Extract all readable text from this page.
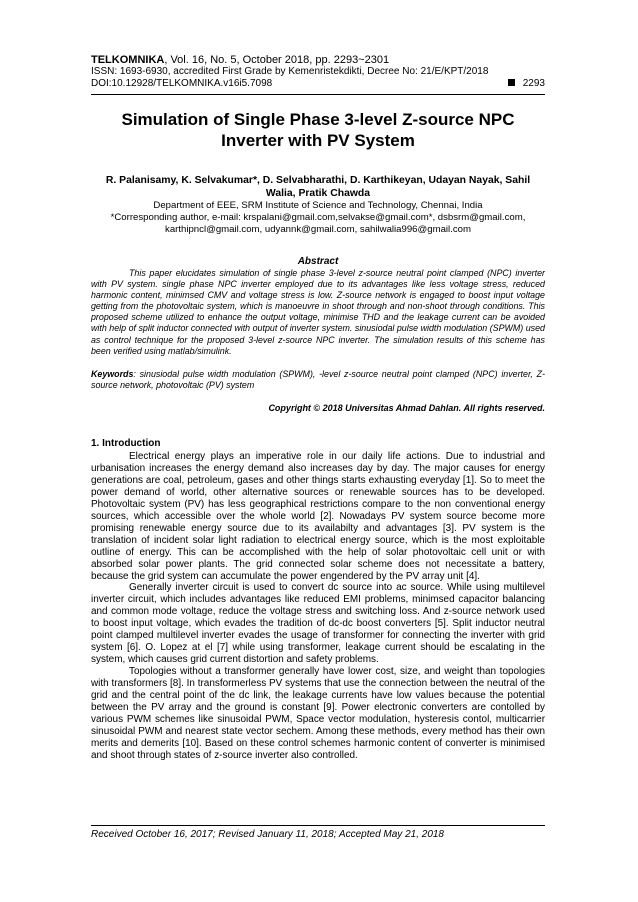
TELKOMNIKA, Vol. 16, No. 5, October 2018, pp. 2293~2301
ISSN: 1693-6930, accredited First Grade by Kemenristekdikti, Decree No: 21/E/KPT/2018
DOI:10.12928/TELKOMNIKA.v16i5.7098	2293
Simulation of Single Phase 3-level Z-source NPC Inverter with PV System
R. Palanisamy, K. Selvakumar*, D. Selvabharathi, D. Karthikeyan, Udayan Nayak, Sahil Walia, Pratik Chawda
Department of EEE, SRM Institute of Science and Technology, Chennai, India
*Corresponding author, e-mail: krspalani@gmail.com,selvakse@gmail.com*, dsbsrm@gmail.com,
karthipncl@gmail.com, udyannk@gmail.com, sahilwalia996@gmail.com
Abstract
This paper elucidates simulation of single phase 3-level z-source neutral point clamped (NPC) inverter with PV system. single phase NPC inverter employed due to its advantages like less voltage stress, reduced harmonic content, minimsed CMV and voltage stress is low. Z-source network is engaged to boost input voltage getting from the photovoltaic system, which is manoeuvre in shoot through and non-shoot through conditions. This proposed scheme utilized to enhance the output voltage, minimise THD and the leakage current can be avoided with help of split inductor connected with output of inverter system. sinusiodal pulse width modulation (SPWM) used as control technique for the proposed 3-level z-source NPC inverter. The simulation results of this scheme has been verified using matlab/simulink.
Keywords: sinusiodal pulse width modulation (SPWM), -level z-source neutral point clamped (NPC) inverter, Z-source network, photovoltaic (PV) system
Copyright © 2018 Universitas Ahmad Dahlan. All rights reserved.
1. Introduction

Electrical energy plays an imperative role in our daily life actions. Due to industrial and urbanisation increases the energy demand also increases day by day. The major causes for energy generations are coal, petroleum, gases and other things starts exhausting everyday [1]. So to meet the power demand of world, other alternative sources or renewable sources has to be developed. Photovoltaic system (PV) has less geographical restrictions compare to the non conventional energy sources, which accessible over the whole world [2]. Nowadays PV system source become more promising renewable energy source due to its availabilty and advantages [3]. PV system is the translation of incident solar light radiation to electrical energy source, which is the most exploitable outline of energy. This can be accomplished with the help of solar photovoltaic cell unit or with absorbed solar power plants. The grid connected solar scheme does not necessitate a battery, because the grid system can accumulate the power engendered by the PV array unit [4].

Generally inverter circuit is used to convert dc source into ac source. While using multilevel inverter circuit, which includes advantages like reduced EMI problems, minimsed capacitor balancing and common mode voltage, reduce the voltage stress and switching loss. And z-source network used to boost input voltage, which evades the tradition of dc-dc boost converters [5]. Split inductor neutral point clamped multilevel inverter evades the usage of transformer for connecting the inverter with grid system [6]. O. Lopez at el [7] while using transformer, leakage current should be escalating in the system, which causes grid current distortion and safety problems.

Topologies without a transformer generally have lower cost, size, and weight than topologies with transformers [8]. In transformerless PV systems that use the connection between the neutral of the grid and the central point of the dc link, the leakage currents have low values because the potential between the PV array and the ground is constant [9]. Power electronic converters are contolled by various PWM schemes like sinusoidal PWM, Space vector modulation, hysteresis contol, multicarrier sinusoidal PWM and nearest state vector sechem. Among these methods, every method has their own merits and demerits [10]. Based on these control schemes harmonic content of converter is minimised and shoot through states of z-source inverter also controlled.

Received October 16, 2017; Revised January 11, 2018; Accepted May 21, 2018
